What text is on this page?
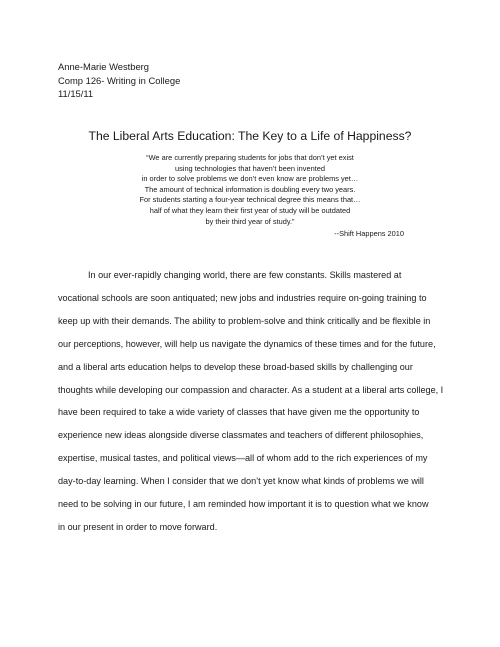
Anne-Marie Westberg
Comp 126- Writing in College
11/15/11
The Liberal Arts Education: The Key to a Life of Happiness?
“We are currently preparing students for jobs that don’t yet exist
using technologies that haven’t been invented
in order to solve problems we don’t even know are problems yet…
The amount of technical information is doubling every two years.
For students starting a four-year technical degree this means that…
half of what they learn their first year of study will be outdated
by their third year of study.”
--Shift Happens 2010
In our ever-rapidly changing world, there are few constants. Skills mastered at
vocational schools are soon antiquated; new jobs and industries require on-going training to
keep up with their demands. The ability to problem-solve and think critically and be flexible in
our perceptions, however, will help us navigate the dynamics of these times and for the future,
and a liberal arts education helps to develop these broad-based skills by challenging our
thoughts while developing our compassion and character. As a student at a liberal arts college, I
have been required to take a wide variety of classes that have given me the opportunity to
experience new ideas alongside diverse classmates and teachers of different philosophies,
expertise, musical tastes, and political views—all of whom add to the rich experiences of my
day-to-day learning. When I consider that we don’t yet know what kinds of problems we will
need to be solving in our future, I am reminded how important it is to question what we know
in our present in order to move forward.
